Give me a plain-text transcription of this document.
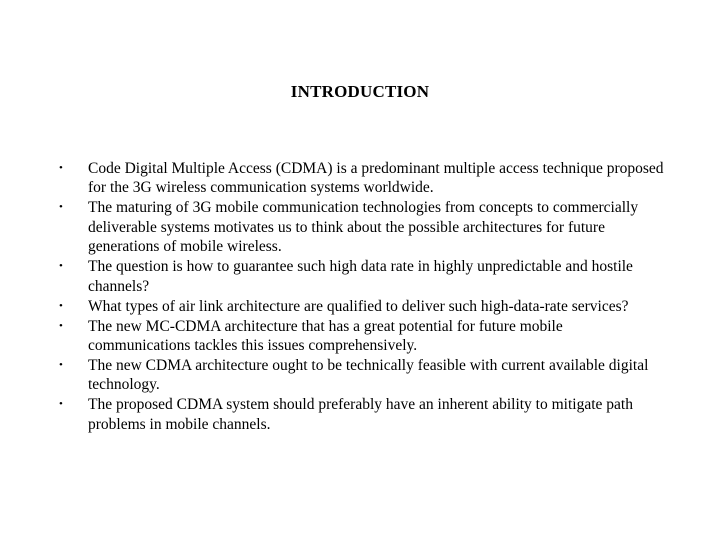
INTRODUCTION
• Code Digital Multiple Access (CDMA) is a predominant multiple access technique proposed for the 3G wireless communication systems worldwide.
• The maturing of 3G mobile communication technologies from concepts to commercially deliverable systems motivates us to think about the possible architectures for future generations of mobile wireless.
• The question is how to guarantee such high data rate in highly unpredictable and hostile channels?
• What types of air link architecture are qualified to deliver such high-data-rate services?
• The new MC-CDMA architecture that has a great potential for future mobile communications tackles this issues comprehensively.
• The new CDMA architecture ought to be technically feasible with current available digital technology.
• The proposed CDMA system should preferably have an inherent ability to mitigate path problems in mobile channels.
